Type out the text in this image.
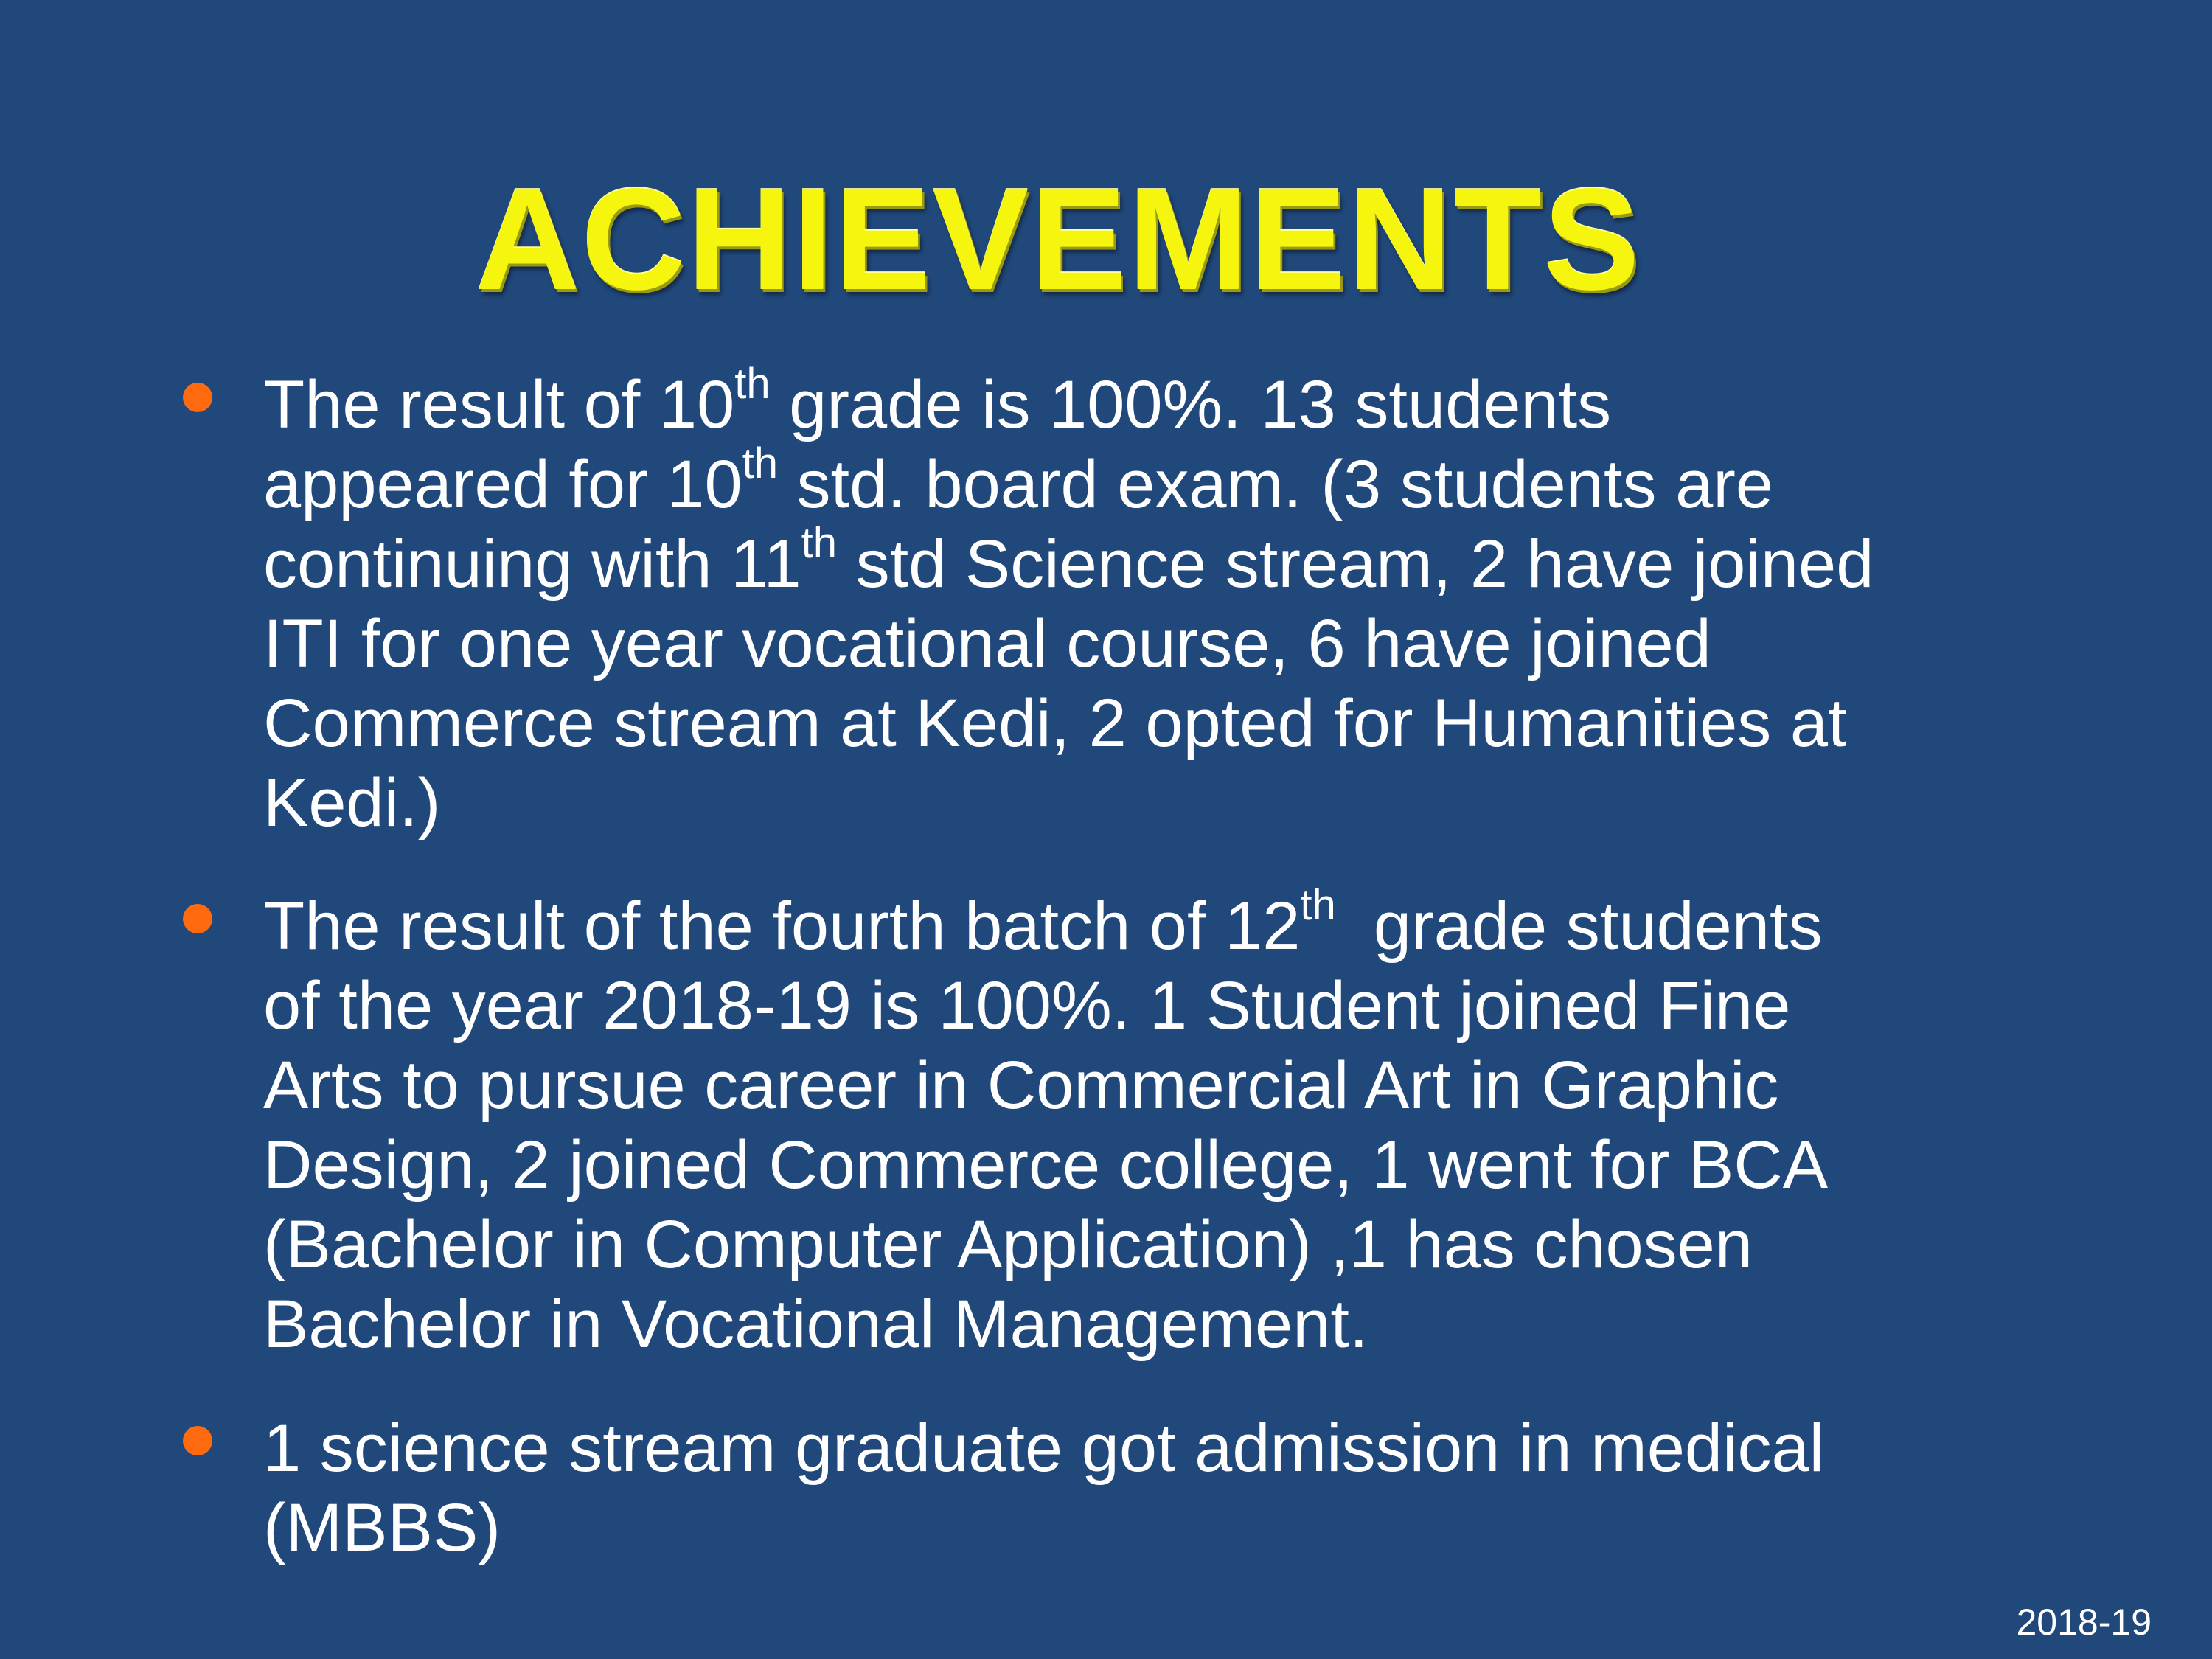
ACHIEVEMENTS
The result of 10th grade is 100%. 13 students
appeared for 10th std. board exam. (3 students are
continuing with 11th std Science stream, 2 have joined
ITI for one year vocational course, 6 have joined
Commerce stream at Kedi, 2 opted for Humanities at
Kedi.)
The result of the fourth batch of 12th  grade students
of the year 2018-19 is 100%. 1 Student joined Fine
Arts to pursue career in Commercial Art in Graphic
Design, 2 joined Commerce college, 1 went for BCA
(Bachelor in Computer Application) ,1 has chosen
Bachelor in Vocational Management.
1 science stream graduate got admission in medical
(MBBS)
2018-19
